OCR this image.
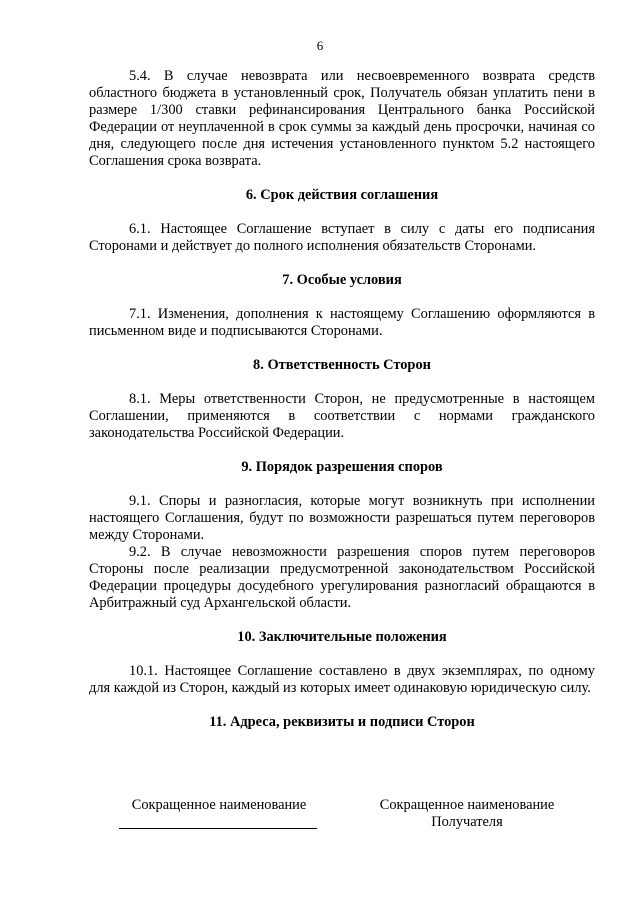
6

5.4. В случае невозврата или несвоевременного возврата средств областного бюджета в установленный срок, Получатель обязан уплатить пени в размере 1/300 ставки рефинансирования Центрального банка Российской Федерации от неуплаченной в срок суммы за каждый день просрочки, начиная со дня, следующего после дня истечения установленного пунктом 5.2 настоящего Соглашения срока возврата.

6. Срок действия соглашения

6.1. Настоящее Соглашение вступает в силу с даты его подписания Сторонами и действует до полного исполнения обязательств Сторонами.

7. Особые условия

7.1. Изменения, дополнения к настоящему Соглашению оформляются в письменном виде и подписываются Сторонами.

8. Ответственность Сторон

8.1. Меры ответственности Сторон, не предусмотренные в настоящем Соглашении, применяются в соответствии с нормами гражданского законодательства Российской Федерации.

9. Порядок разрешения споров

9.1. Споры и разногласия, которые могут возникнуть при исполнении настоящего Соглашения, будут по возможности разрешаться путем переговоров между Сторонами.

9.2. В случае невозможности разрешения споров путем переговоров Стороны после реализации предусмотренной законодательством Российской Федерации процедуры досудебного урегулирования разногласий обращаются в Арбитражный суд Архангельской области.

10. Заключительные положения

10.1. Настоящее Соглашение составлено в двух экземплярах, по одному для каждой из Сторон, каждый из которых имеет одинаковую юридическую силу.

11. Адреса, реквизиты и подписи Сторон

Сокращенное наименование	Сокращенное наименование Получателя
